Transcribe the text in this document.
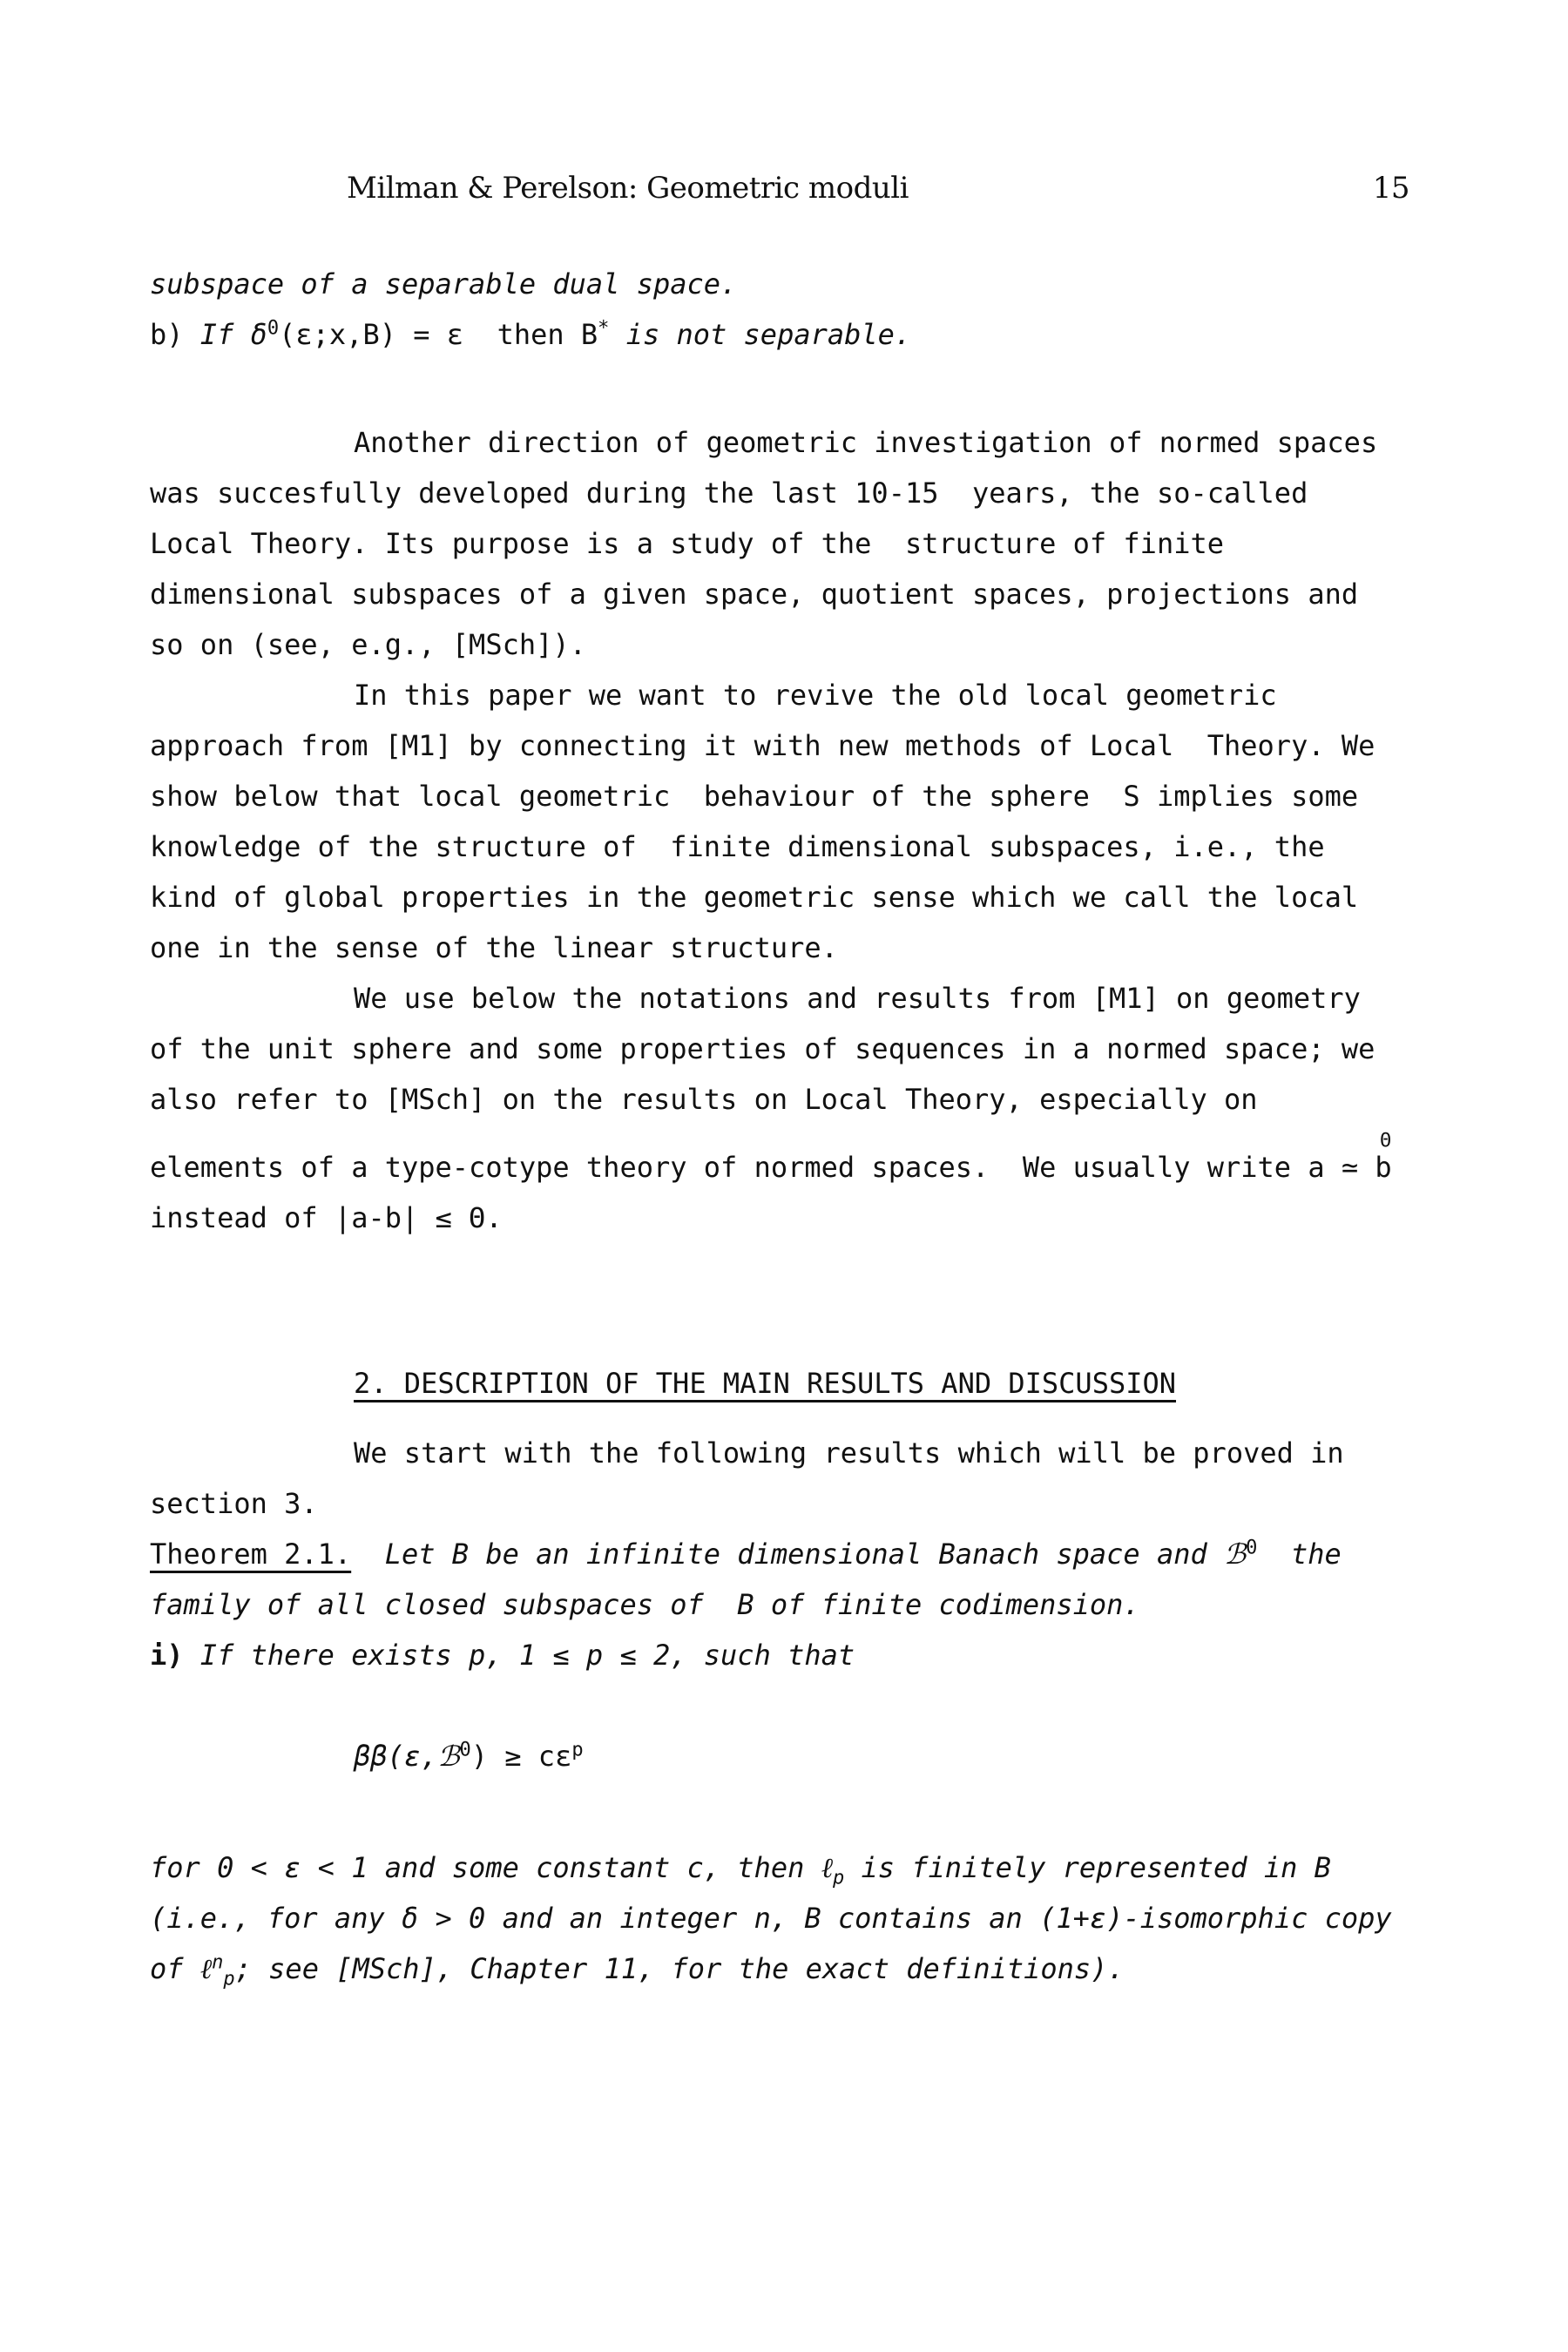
Milman & Perelson: Geometric moduli	15
subspace of a separable dual space.
b) If $\delta^0(\varepsilon;x,B) = \varepsilon$  then B* is not separable.
Another direction of geometric investigation of normed spaces
was succesfully developed during the last 10-15  years, the so-called
Local Theory. Its purpose is a study of the  structure of finite
dimensional subspaces of a given space, quotient spaces, projections and
so on (see, e.g., [MSch]).
In this paper we want to revive the old local geometric
approach from [M1] by connecting it with new methods of Local  Theory. We
show below that local geometric  behaviour of the sphere  S implies some
knowledge of the structure of  finite dimensional subspaces, i.e., the
kind of global properties in the geometric sense which we call the local
one in the sense of the linear structure.
We use below the notations and results from [M1] on geometry
of the unit sphere and some properties of sequences in a normed space; we
also refer to [MSch] on the results on Local Theory, especially on
Θ
elements of a type-cotype theory of normed spaces.  We usually write a ≃ b
instead of |a-b| ≤ Θ.
2. DESCRIPTION OF THE MAIN RESULTS AND DISCUSSION
We start with the following results which will be proved in
section 3.
Theorem 2.1. Let B be an infinite dimensional Banach space and ℬ$^0$  the
family of all closed subspaces of  B of finite codimension.
i) If there exists p, 1 ≤ p ≤ 2, such that
ββ(ε,ℬ$^0$) ≥ $c\varepsilon^p$
for 0 < ε < 1 and some constant c, then ℓ$_p$ is finitely represented in B
(i.e., for any δ > 0 and an integer n, B contains an (1+ε)-isomorphic copy
of ℓ$^n_p$; see [MSch], Chapter 11, for the exact definitions).
